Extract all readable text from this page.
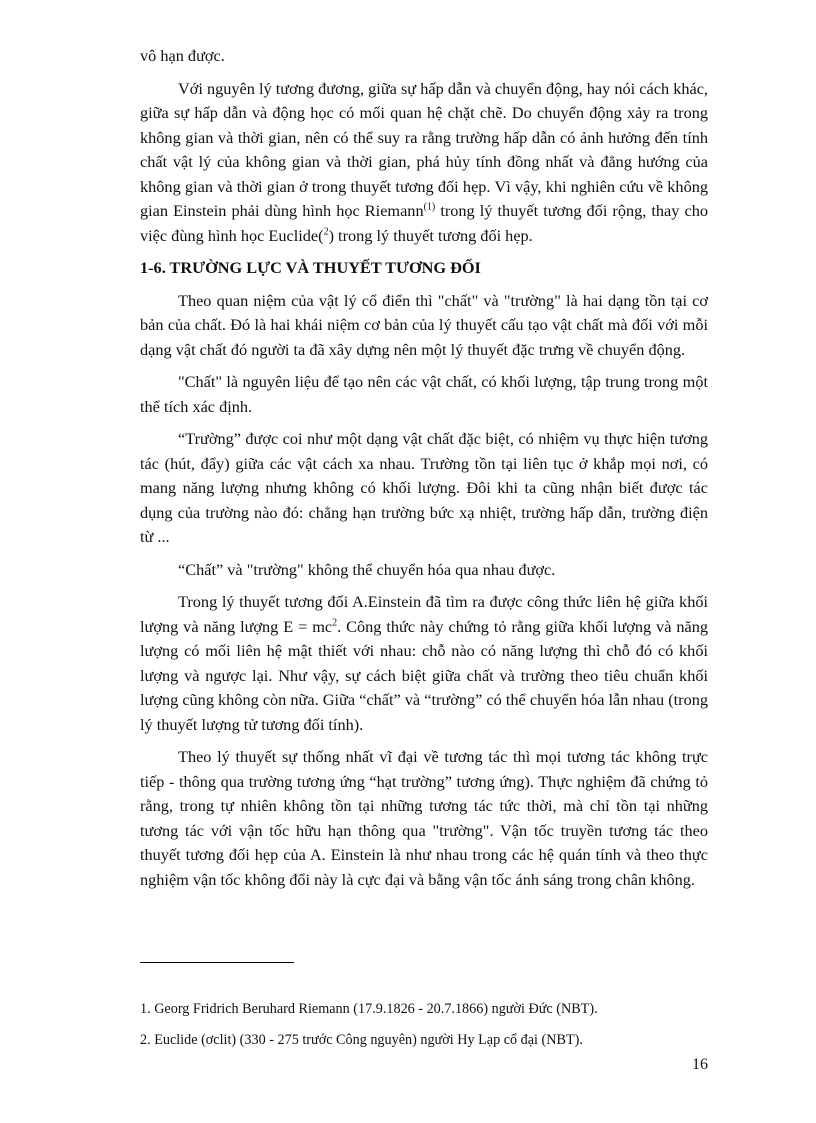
vô hạn được.

Với nguyên lý tương đương, giữa sự hấp dẫn và chuyển động, hay nói cách khác, giữa sự hấp dẫn và động học có mối quan hệ chặt chẽ. Do chuyển động xảy ra trong không gian và thời gian, nên có thể suy ra rằng trường hấp dẫn có ảnh hưởng đến tính chất vật lý của không gian và thời gian, phá hủy tính đồng nhất và đẳng hướng của không gian và thời gian ở trong thuyết tương đối hẹp. Vì vậy, khi nghiên cứu về không gian Einstein phải dùng hình học Riemann$^{(1)}$ trong lý thuyết tương đối rộng, thay cho việc đùng hình học Euclide($^2$) trong lý thuyết tương đối hẹp.

1-6. TRƯỜNG LỰC VÀ THUYẾT TƯƠNG ĐỐI

Theo quan niệm của vật lý cổ điển thì "chất" và "trường" là hai dạng tồn tại cơ bản của chất. Đó là hai khái niệm cơ bản của lý thuyết cấu tạo vật chất mà đối với mỗi dạng vật chất đó người ta đã xây dựng nên một lý thuyết đặc trưng về chuyển động.

"Chất" là nguyên liệu để tạo nên các vật chất, có khối lượng, tập trung trong một thể tích xác định.

“Trường” được coi như một dạng vật chất đặc biệt, có nhiệm vụ thực hiện tương tác (hút, đẩy) giữa các vật cách xa nhau. Trường tồn tại liên tục ở khắp mọi nơi, có mang năng lượng nhưng không có khối lượng. Đôi khi ta cũng nhận biết được tác dụng của trường nào đó: chẳng hạn trường bức xạ nhiệt, trường hấp dẫn, trường điện từ ...

“Chất” và "trường" không thể chuyển hóa qua nhau được.

Trong lý thuyết tương đối A.Einstein đã tìm ra được công thức liên hệ giữa khối lượng và năng lượng $E = mc^2$. Công thức này chứng tỏ rằng giữa khối lượng và năng lượng có mối liên hệ mật thiết với nhau: chỗ nào có năng lượng thì chỗ đó có khối lượng và ngược lại. Như vậy, sự cách biệt giữa chất và trường theo tiêu chuẩn khối lượng cũng không còn nữa. Giữa “chất” và “trường” có thể chuyển hóa lẫn nhau (trong lý thuyết lượng tử tương đối tính).

Theo lý thuyết sự thống nhất vĩ đại về tương tác thì mọi tương tác không trực tiếp - thông qua trường tương ứng “hạt trường” tương ứng). Thực nghiệm đã chứng tỏ rằng, trong tự nhiên không tồn tại những tương tác tức thời, mà chỉ tồn tại những tương tác với vận tốc hữu hạn thông qua "trường". Vận tốc truyền tương tác theo thuyết tương đối hẹp của A. Einstein là như nhau trong các hệ quán tính và theo thực nghiệm vận tốc không đổi này là cực đại và bằng vận tốc ánh sáng trong chân không.

1. Georg Fridrich Beruhard Riemann (17.9.1826 - 20.7.1866) người Đức (NBT).
2. Euclide (ơclit) (330 - 275 trước Công nguyên) người Hy Lạp cổ đại (NBT).
16
